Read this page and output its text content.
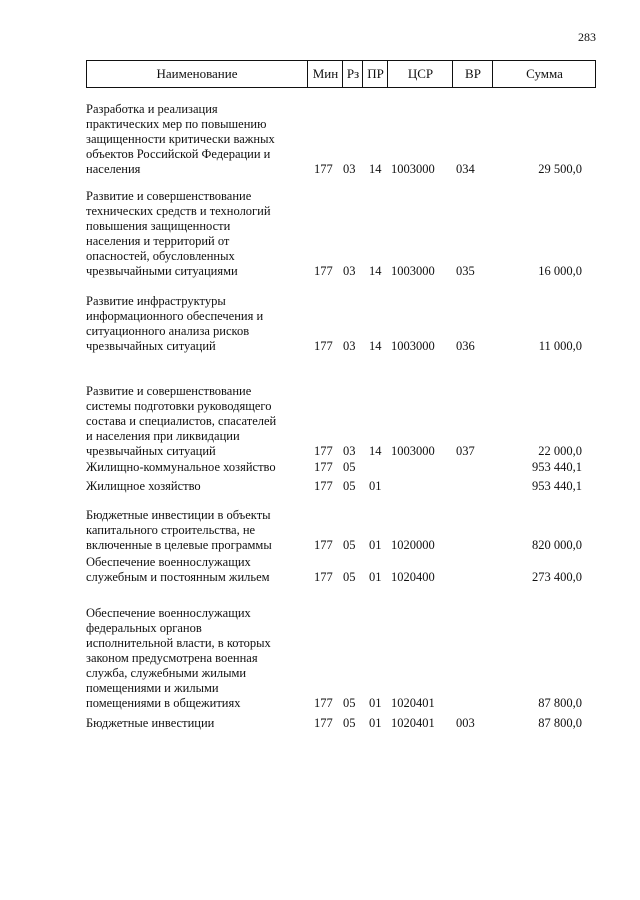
283
Наименование	Мин Рз ПР	ЦСР	ВР	Сумма
Разработка и реализация
практических мер по повышению
защищенности критически важных
объектов Российской Федерации и
населения	177 03 14 1003000 034	29 500,0
Развитие и совершенствование
технических средств и технологий
повышения защищенности
населения и территорий от
опасностей, обусловленных
чрезвычайными ситуациями	177 03 14 1003000 035	16 000,0
Развитие инфраструктуры
информационного обеспечения и
ситуационного анализа рисков
чрезвычайных ситуаций	177 03 14 1003000 036	11 000,0
Развитие и совершенствование
системы подготовки руководящего
состава и специалистов, спасателей
и населения при ликвидации
чрезвычайных ситуаций	177 03 14 1003000 037	22 000,0
Жилищно-коммунальное хозяйство	177 05	953 440,1
Жилищное хозяйство	177 05 01	953 440,1
Бюджетные инвестиции в объекты
капитального строительства, не
включенные в целевые программы	177 05 01 1020000	820 000,0
Обеспечение военнослужащих
служебным и постоянным жильем	177 05 01 1020400	273 400,0
Обеспечение военнослужащих
федеральных органов
исполнительной власти, в которых
законом предусмотрена военная
служба, служебными жилыми
помещениями и жилыми
помещениями в общежитиях	177 05 01 1020401	87 800,0
Бюджетные инвестиции	177 05 01 1020401 003	87 800,0
